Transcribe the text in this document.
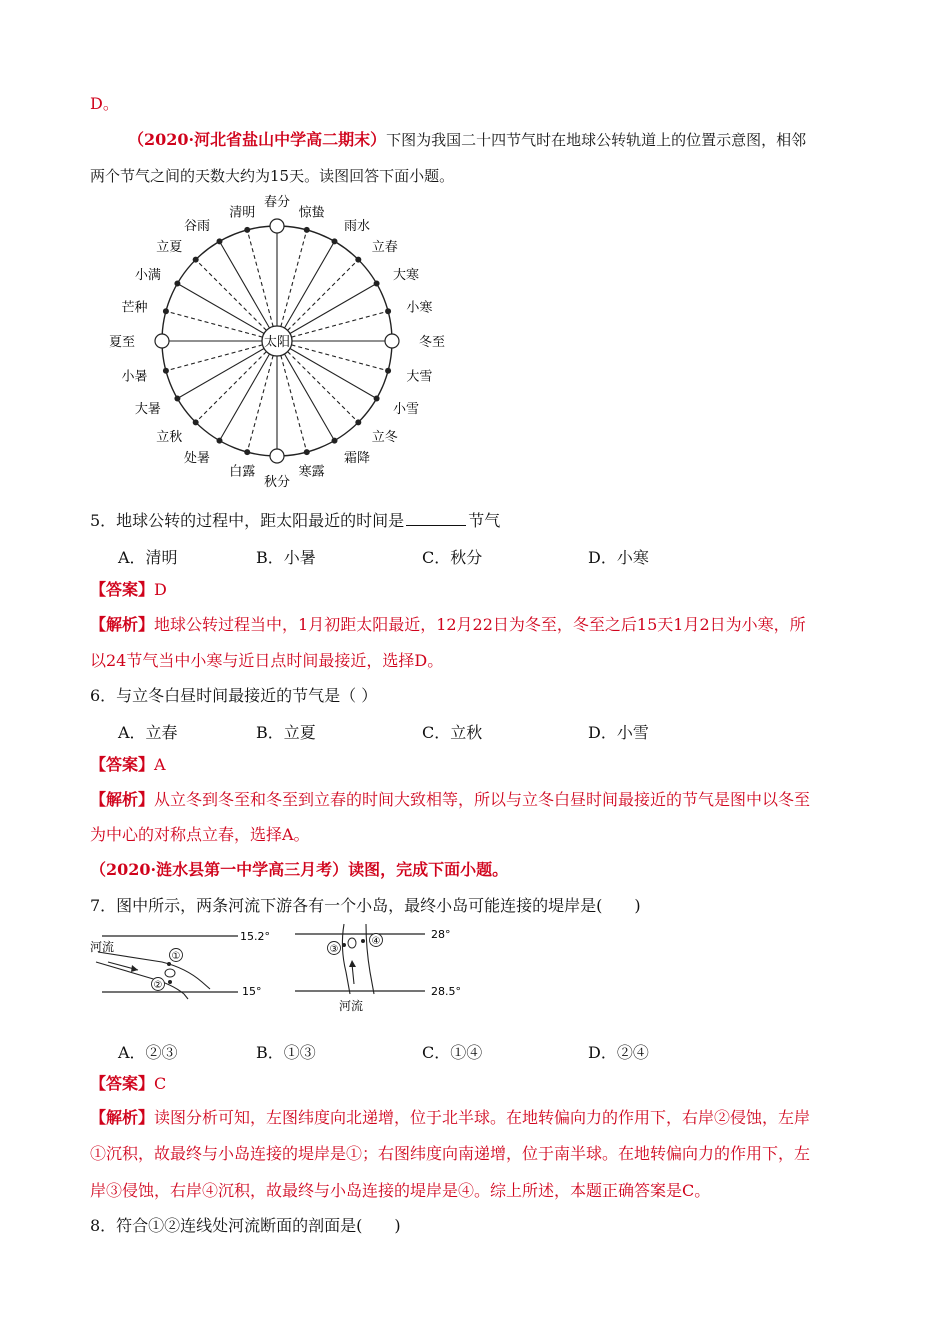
D。
（2020·河北省盐山中学高二期末）下图为我国二十四节气时在地球公转轨道上的位置示意图，相邻
两个节气之间的天数大约为15天。读图回答下面小题。
太阳	冬至
大雪
小雪
立冬
霜降
寒露
秋分
白露
处暑
立秋
大暑
小暑
夏至
芒种
小满
立夏
谷雨
清明
春分
惊蛰
雨水
立春
大寒
小寒
5．地球公转的过程中，距太阳最近的时间是	节气
A．清明	B．小暑	C．秋分	D．小寒
【答案】D
【解析】地球公转过程当中，1月初距太阳最近，12月22日为冬至，冬至之后15天1月2日为小寒，所
以24节气当中小寒与近日点时间最接近，选择D。
6．与立冬白昼时间最接近的节气是（ ）
A．立春	B．立夏	C．立秋	D．小雪
【答案】A
【解析】从立冬到冬至和冬至到立春的时间大致相等，所以与立冬白昼时间最接近的节气是图中以冬至
为中心的对称点立春，选择A。
（2020·涟水县第一中学高三月考）读图，完成下面小题。
7．图中所示，两条河流下游各有一个小岛，最终小岛可能连接的堤岸是(　　)
15.2°
15°
河流
①
②
28°
28.5°
③
④
河流
A．②③	B．①③	C．①④	D．②④
【答案】C
【解析】读图分析可知，左图纬度向北递增，位于北半球。在地转偏向力的作用下，右岸②侵蚀，左岸
①沉积，故最终与小岛连接的堤岸是①；右图纬度向南递增，位于南半球。在地转偏向力的作用下，左
岸③侵蚀，右岸④沉积，故最终与小岛连接的堤岸是④。综上所述，本题正确答案是C。
8．符合①②连线处河流断面的剖面是(　　)
